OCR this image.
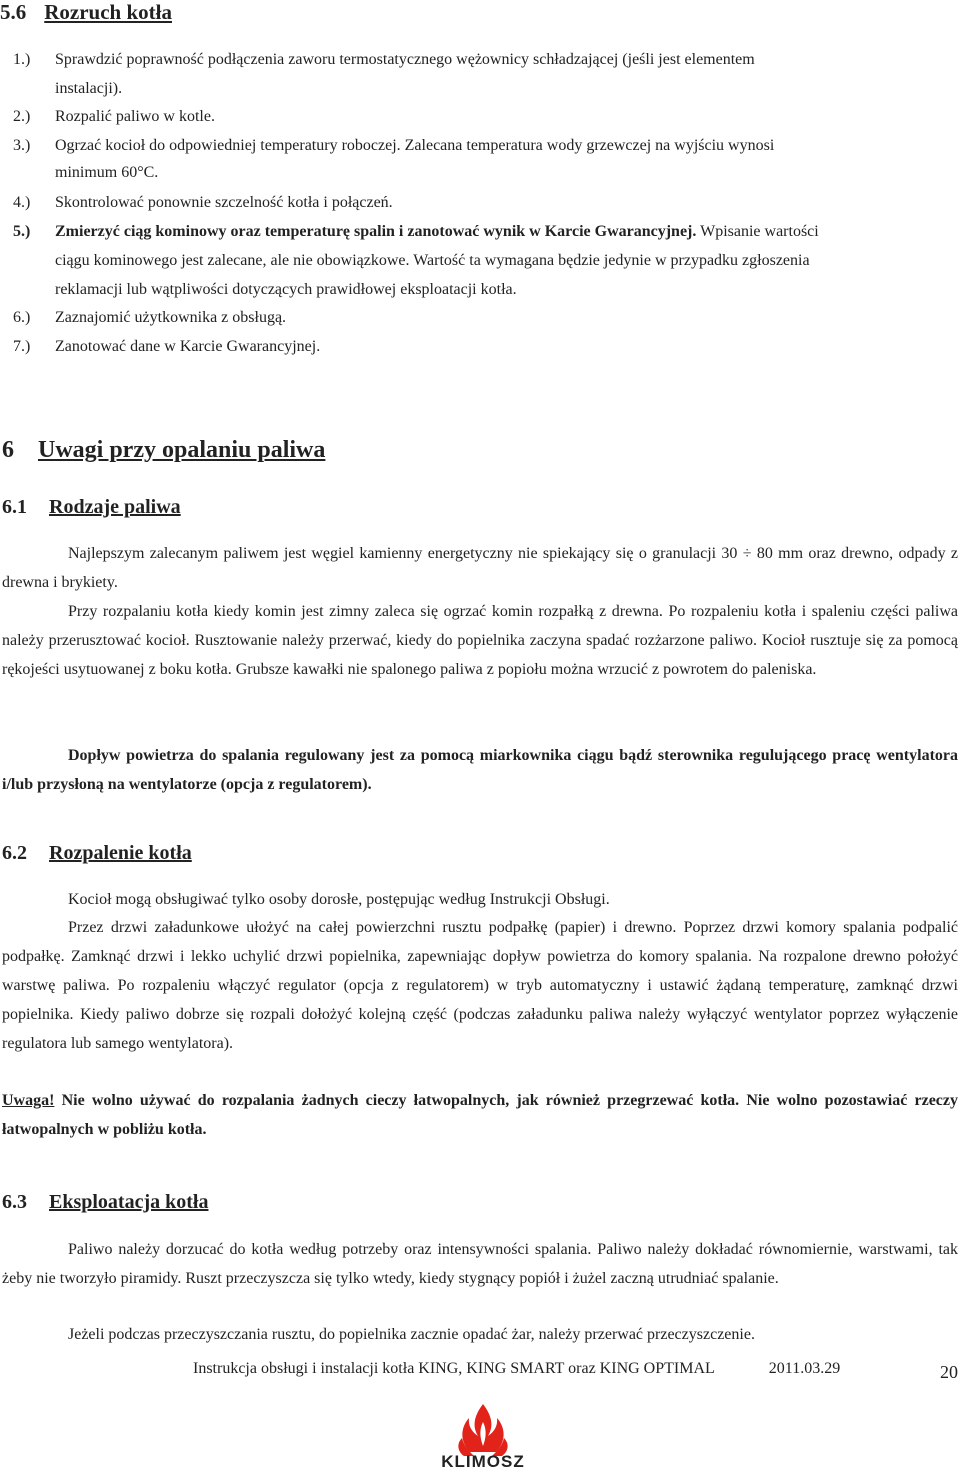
5.6 Rozruch kotła
1.) Sprawdzić poprawność podłączenia zaworu termostatycznego wężownicy schładzającej (jeśli jest elementem
instalacji).
2.) Rozpalić paliwo w kotle.
3.) Ogrzać kocioł do odpowiedniej temperatury roboczej. Zalecana temperatura wody grzewczej na wyjściu wynosi
minimum 60°C.
4.) Skontrolować ponownie szczelność kotła i połączeń.
5.) Zmierzyć ciąg kominowy oraz temperaturę spalin i zanotować wynik w Karcie Gwarancyjnej. Wpisanie wartości
ciągu kominowego jest zalecane, ale nie obowiązkowe. Wartość ta wymagana będzie jedynie w przypadku zgłoszenia
reklamacji lub wątpliwości dotyczących prawidłowej eksploatacji kotła.
6.) Zaznajomić użytkownika z obsługą.
7.) Zanotować dane w Karcie Gwarancyjnej.
6 Uwagi przy opalaniu paliwa
6.1 Rodzaje paliwa
Najlepszym zalecanym paliwem jest węgiel kamienny energetyczny nie spiekający się o granulacji 30 ÷ 80 mm oraz drewno, odpady z drewna i brykiety.
Przy rozpalaniu kotła kiedy komin jest zimny zaleca się ogrzać komin rozpałką z drewna. Po rozpaleniu kotła i spaleniu części paliwa należy przerusztować kocioł. Rusztowanie należy przerwać, kiedy do popielnika zaczyna spadać rozżarzone paliwo. Kocioł rusztuje się za pomocą rękojeści usytuowanej z boku kotła. Grubsze kawałki nie spalonego paliwa z popiołu można wrzucić z powrotem do paleniska.
Dopływ powietrza do spalania regulowany jest za pomocą miarkownika ciągu bądź sterownika regulującego pracę wentylatora i/lub przysłoną na wentylatorze (opcja z regulatorem).
6.2 Rozpalenie kotła
Kocioł mogą obsługiwać tylko osoby dorosłe, postępując według Instrukcji Obsługi.
Przez drzwi załadunkowe ułożyć na całej powierzchni rusztu podpałkę (papier) i drewno. Poprzez drzwi komory spalania podpalić podpałkę. Zamknąć drzwi i lekko uchylić drzwi popielnika, zapewniając dopływ powietrza do komory spalania. Na rozpalone drewno położyć warstwę paliwa. Po rozpaleniu włączyć regulator (opcja z regulatorem) w tryb automatyczny i ustawić żądaną temperaturę, zamknąć drzwi popielnika. Kiedy paliwo dobrze się rozpali dołożyć kolejną część (podczas załadunku paliwa należy wyłączyć wentylator poprzez wyłączenie regulatora lub samego wentylatora).
Uwaga! Nie wolno używać do rozpalania żadnych cieczy łatwopalnych, jak również przegrzewać kotła. Nie wolno pozostawiać rzeczy łatwopalnych w pobliżu kotła.
6.3 Eksploatacja kotła
Paliwo należy dorzucać do kotła według potrzeby oraz intensywności spalania. Paliwo należy dokładać równomiernie, warstwami, tak żeby nie tworzyło piramidy. Ruszt przeczyszcza się tylko wtedy, kiedy stygnący popiół i żużel zaczną utrudniać spalanie.
Jeżeli podczas przeczyszczania rusztu, do popielnika zacznie opadać żar, należy przerwać przeczyszczenie.
Instrukcja obsługi i instalacji kotła KING, KING SMART oraz KING OPTIMAL	2011.03.29	20
KLIMOSZ
